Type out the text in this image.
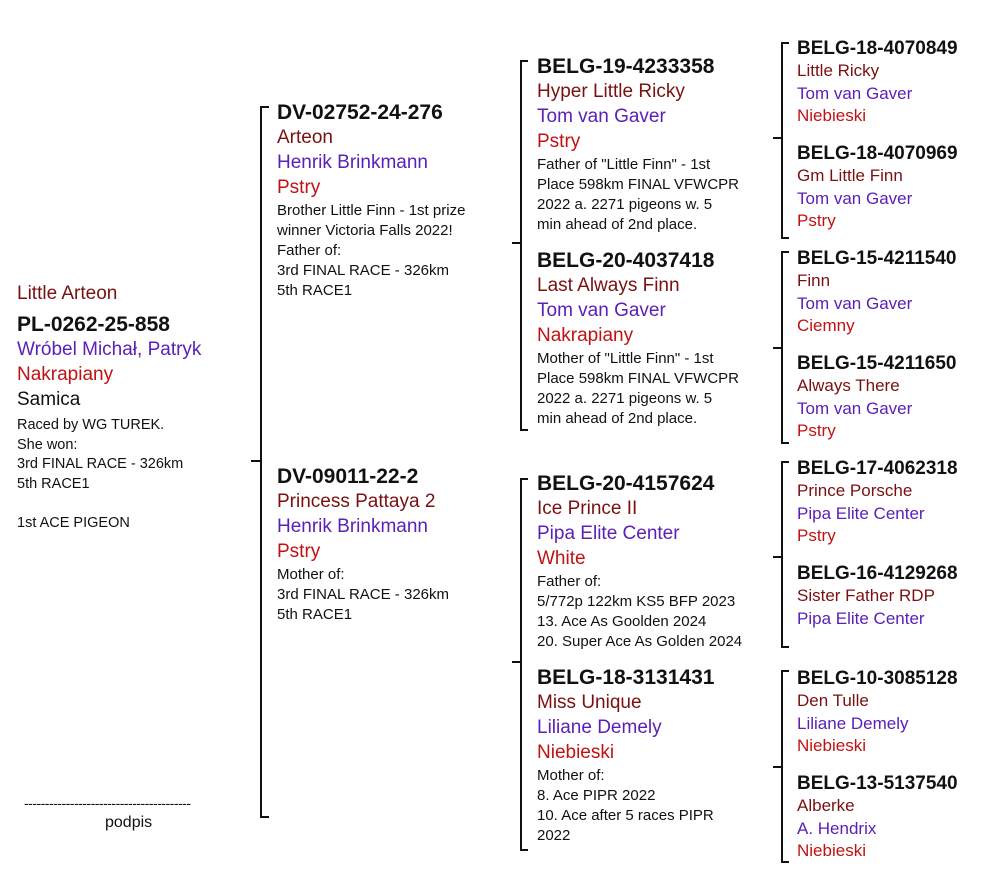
Little Arteon
PL-0262-25-858
Wróbel Michał, Patryk
Nakrapiany
Samica
Raced by WG TUREK.
She won:
3rd FINAL RACE - 326km
5th RACE1

1st ACE PIGEON
----------------------------------------
podpis
DV-02752-24-276
Arteon
Henrik Brinkmann
Pstry
Brother Little Finn - 1st prize
winner Victoria Falls 2022!
Father of:
3rd FINAL RACE - 326km
5th RACE1
DV-09011-22-2
Princess Pattaya 2
Henrik Brinkmann
Pstry
Mother of:
3rd FINAL RACE - 326km
5th RACE1
BELG-19-4233358
Hyper Little Ricky
Tom van Gaver
Pstry
Father of "Little Finn" - 1st
Place 598km FINAL VFWCPR
2022 a. 2271 pigeons w. 5
min ahead of 2nd place.
BELG-20-4037418
Last Always Finn
Tom van Gaver
Nakrapiany
Mother of "Little Finn" - 1st
Place 598km FINAL VFWCPR
2022 a. 2271 pigeons w. 5
min ahead of 2nd place.
BELG-20-4157624
Ice Prince II
Pipa Elite Center
White
Father of:
5/772p 122km KS5 BFP 2023
13. Ace As Goolden 2024
20. Super Ace As Golden 2024
BELG-18-3131431
Miss Unique
Liliane Demely
Niebieski
Mother of:
8. Ace PIPR 2022
10. Ace after 5 races PIPR
2022
BELG-18-4070849
Little Ricky
Tom van Gaver
Niebieski
BELG-18-4070969
Gm Little Finn
Tom van Gaver
Pstry
BELG-15-4211540
Finn
Tom van Gaver
Ciemny
BELG-15-4211650
Always There
Tom van Gaver
Pstry
BELG-17-4062318
Prince Porsche
Pipa Elite Center
Pstry
BELG-16-4129268
Sister Father RDP
Pipa Elite Center
BELG-10-3085128
Den Tulle
Liliane Demely
Niebieski
BELG-13-5137540
Alberke
A. Hendrix
Niebieski
